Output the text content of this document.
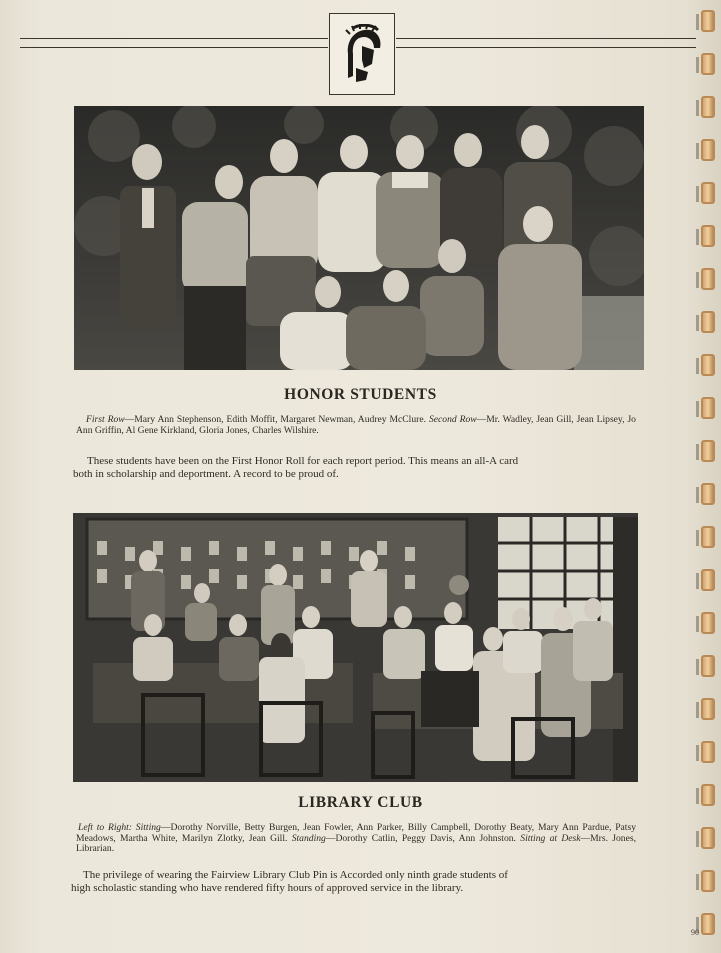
HONOR STUDENTS
First Row—Mary Ann Stephenson, Edith Moffit, Margaret Newman, Audrey McClure. Second Row—Mr. Wadley, Jean Gill, Jean Lipsey, Jo Ann Griffin, Al Gene Kirkland, Gloria Jones, Charles Wilshire.
These students have been on the First Honor Roll for each report period. This means an all-A card both in scholarship and deportment. A record to be proud of.
LIBRARY CLUB
Left to Right: Sitting—Dorothy Norville, Betty Burgen, Jean Fowler, Ann Parker, Billy Campbell, Dorothy Beaty, Mary Ann Pardue, Patsy Meadows, Martha White, Marilyn Zlotky, Jean Gill. Standing—Dorothy Catlin, Peggy Davis, Ann Johnston. Sitting at Desk—Mrs. Jones, Librarian.
The privilege of wearing the Fairview Library Club Pin is Accorded only ninth grade students of high scholastic standing who have rendered fifty hours of approved service in the library.
90
